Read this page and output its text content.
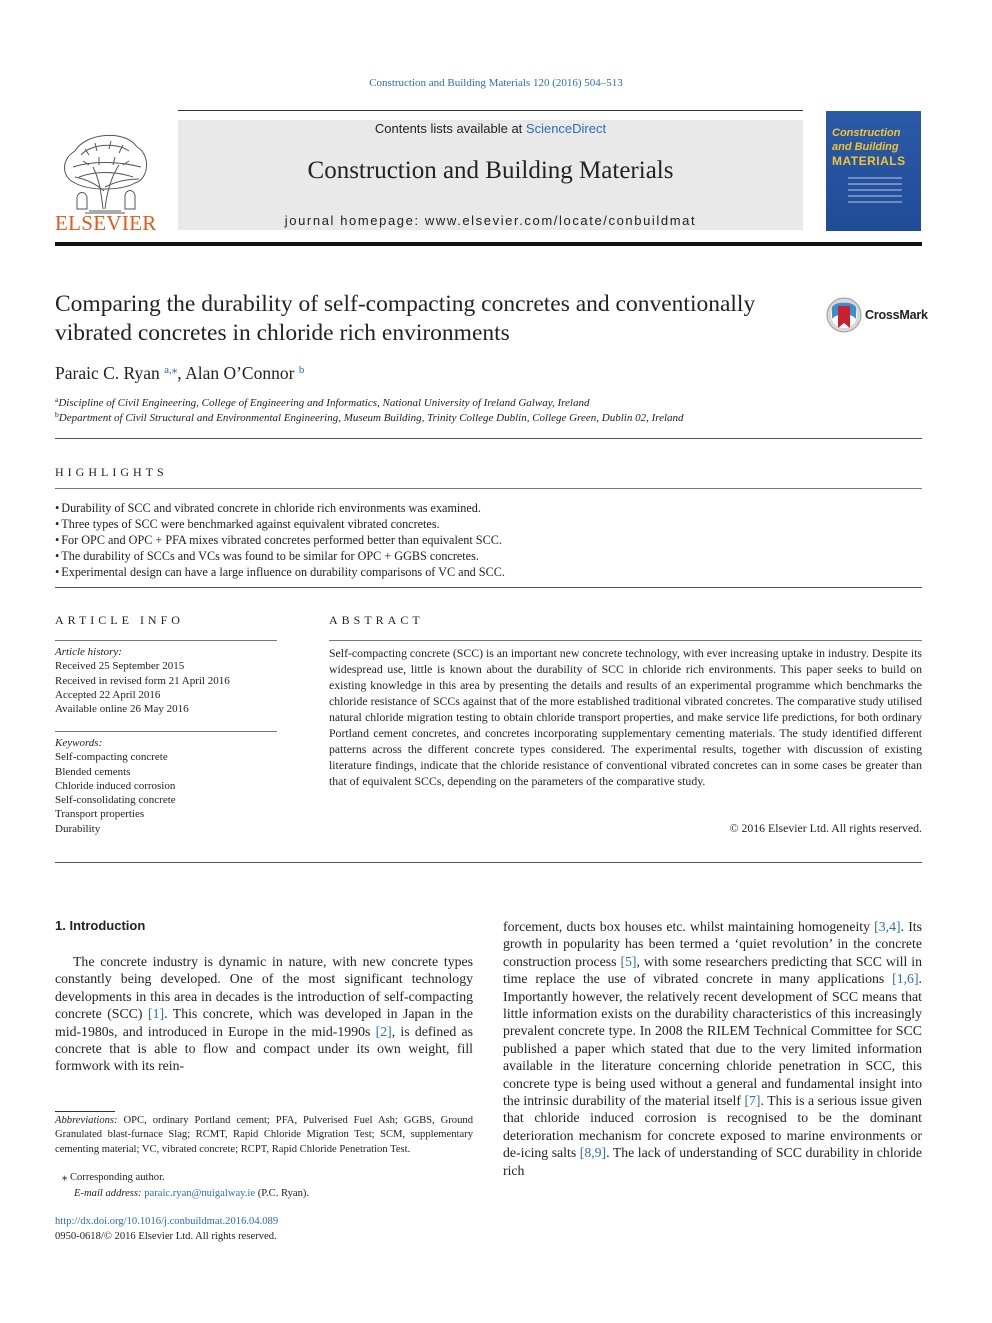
Construction and Building Materials 120 (2016) 504–513
ELSEVIER
Contents lists available at ScienceDirect
Construction and Building Materials
journal homepage: www.elsevier.com/locate/conbuildmat
Construction
and Building
MATERIALS
Comparing the durability of self-compacting concretes and conventionally vibrated concretes in chloride rich environments
CrossMark
Paraic C. Ryan $^{a,⁎}$, Alan O’Connor $^b$
$^a$Discipline of Civil Engineering, College of Engineering and Informatics, National University of Ireland Galway, Ireland
$^b$Department of Civil Structural and Environmental Engineering, Museum Building, Trinity College Dublin, College Green, Dublin 02, Ireland
HIGHLIGHTS
• Durability of SCC and vibrated concrete in chloride rich environments was examined.
• Three types of SCC were benchmarked against equivalent vibrated concretes.
• For OPC and OPC + PFA mixes vibrated concretes performed better than equivalent SCC.
• The durability of SCCs and VCs was found to be similar for OPC + GGBS concretes.
• Experimental design can have a large influence on durability comparisons of VC and SCC.
ARTICLE INFO
Article history:
Received 25 September 2015
Received in revised form 21 April 2016
Accepted 22 April 2016
Available online 26 May 2016
Keywords:
Self-compacting concrete
Blended cements
Chloride induced corrosion
Self-consolidating concrete
Transport properties
Durability
ABSTRACT
Self-compacting concrete (SCC) is an important new concrete technology, with ever increasing uptake in industry. Despite its widespread use, little is known about the durability of SCC in chloride rich environments. This paper seeks to build on existing knowledge in this area by presenting the details and results of an experimental programme which benchmarks the chloride resistance of SCCs against that of the more established traditional vibrated concretes. The comparative study utilised natural chloride migration testing to obtain chloride transport properties, and make service life predictions, for both ordinary Portland cement concretes, and concretes incorporating supplementary cementing materials. The study identified different patterns across the different concrete types considered. The experimental results, together with discussion of existing literature findings, indicate that the chloride resistance of conventional vibrated concretes can in some cases be greater than that of equivalent SCCs, depending on the parameters of the comparative study.
© 2016 Elsevier Ltd. All rights reserved.
1. Introduction
The concrete industry is dynamic in nature, with new concrete types constantly being developed. One of the most significant technology developments in this area in decades is the introduction of self-compacting concrete (SCC) [1]. This concrete, which was developed in Japan in the mid-1980s, and introduced in Europe in the mid-1990s [2], is defined as concrete that is able to flow and compact under its own weight, fill formwork with its rein-
forcement, ducts box houses etc. whilst maintaining homogeneity [3,4]. Its growth in popularity has been termed a ‘quiet revolution’ in the concrete construction process [5], with some researchers predicting that SCC will in time replace the use of vibrated concrete in many applications [1,6]. Importantly however, the relatively recent development of SCC means that little information exists on the durability characteristics of this increasingly prevalent concrete type. In 2008 the RILEM Technical Committee for SCC published a paper which stated that due to the very limited information available in the literature concerning chloride penetration in SCC, this concrete type is being used without a general and fundamental insight into the intrinsic durability of the material itself [7]. This is a serious issue given that chloride induced corrosion is recognised to be the dominant deterioration mechanism for concrete exposed to marine environments or de-icing salts [8,9]. The lack of understanding of SCC durability in chloride rich
Abbreviations: OPC, ordinary Portland cement; PFA, Pulverised Fuel Ash; GGBS, Ground Granulated blast-furnace Slag; RCMT, Rapid Chloride Migration Test; SCM, supplementary cementing material; VC, vibrated concrete; RCPT, Rapid Chloride Penetration Test.
⁎ Corresponding author.
E-mail address: paraic.ryan@nuigalway.ie (P.C. Ryan).
http://dx.doi.org/10.1016/j.conbuildmat.2016.04.089
0950-0618/© 2016 Elsevier Ltd. All rights reserved.
